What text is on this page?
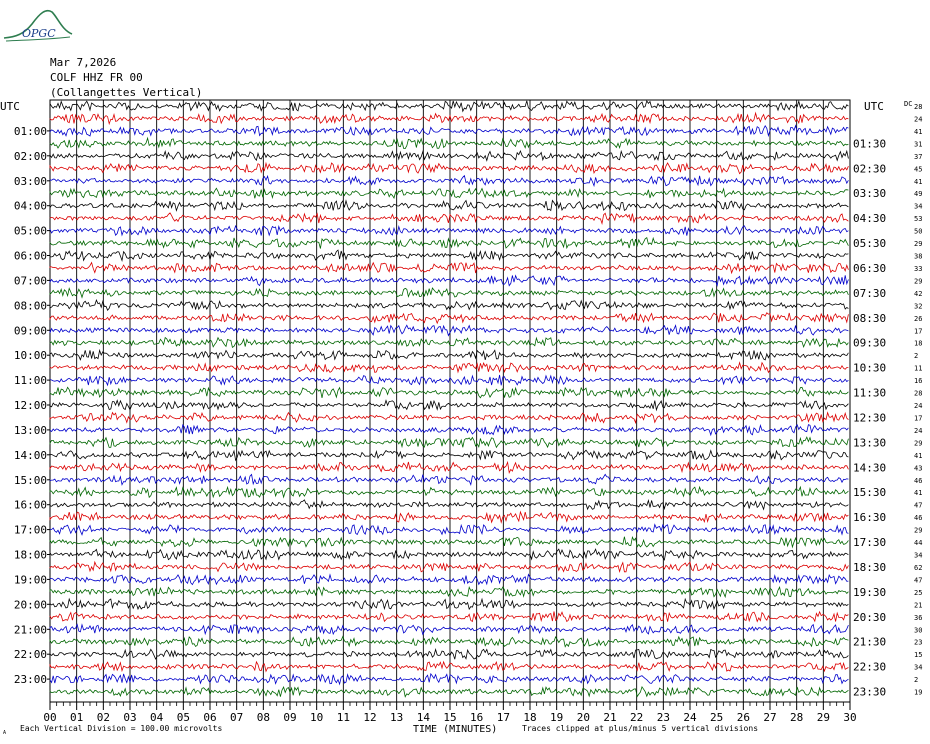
OPGC
Mar 7,2026
COLF HHZ FR 00
(Collangettes Vertical)
00 01 02 03 04 05 06 07 08 09 10 11 12 13 14 15 16 17 18 19 20 21 22 23 24 25 26 27 28 29 30
28
24
41
31
37
45
41
49
34
53
50
29
38
33
29
42
32
26
17
18
2
11
16
28
24
17
24
29
41
43
46
41
47
46
29
44
34
62
47
25
21
36
30
23
15
34
2
19
01:00
02:00
03:00
04:00
05:00
06:00
07:00
08:00
09:00
10:00
11:00
12:00
13:00
14:00
15:00
16:00
17:00
18:00
19:00
20:00
21:00
22:00
23:00
01:30
02:30
03:30
04:30
05:30
06:30
07:30
08:30
09:30
10:30
11:30
12:30
13:30
14:30
15:30
16:30
17:30
18:30
19:30
20:30
21:30
22:30
23:30
UTC	UTC	DC
TIME (MINUTES)
Each Vertical Division = 100.00 microvolts	Traces clipped at plus/minus 5 vertical divisions
A
